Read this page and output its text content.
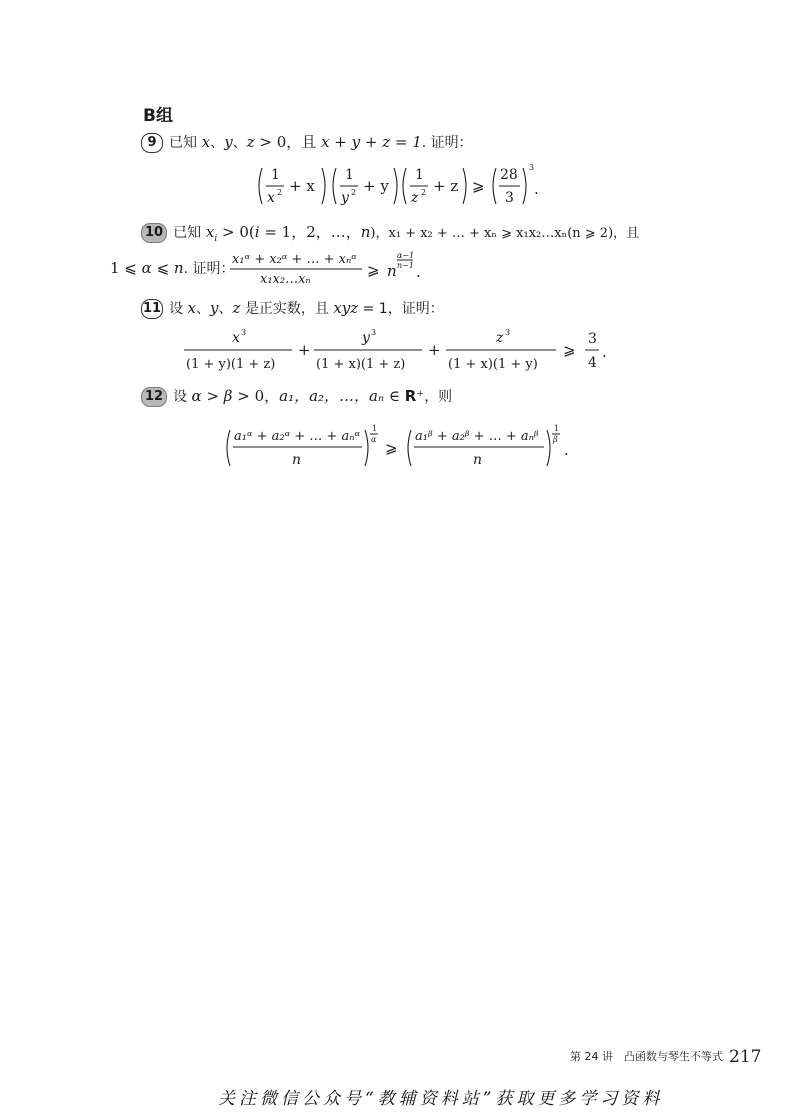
B组
9 已知 x、y、z > 0，且 x + y + z = 1. 证明：
1
x 2 + x
1
y 2 + y
1
z 2 + z ⩾
28
3
3
.
10 已知 $x_i > 0(i = 1$，2，…，n)，x₁ + x₂ + … + xₙ ⩾ x₁x₂…xₙ(n ⩾ 2)，且
1 ⩽ α ⩽ n. 证明：
x₁ᵅ + x₂ᵅ + … + xₙᵅ
x₁x₂…xₙ
⩾ n
α−1
n−1 .
11 设 x、y、z 是正实数，且 xyz = 1，证明：
x 3
(1 + y)(1 + z)
+
y 3
(1 + x)(1 + z)
+
z 3
(1 + x)(1 + y)
⩾
3
4
.
12 设 α > β > 0，a₁，a₂，…，aₙ ∈ R⁺，则
a₁ᵅ + a₂ᵅ + … + aₙᵅ
n
1
α ⩾
a₁ᵝ + a₂ᵝ + … + aₙᵝ
n
1
β
.
第 24 讲　凸函数与琴生不等式 217
关注微信公众号“教辅资料站”获取更多学习资料
